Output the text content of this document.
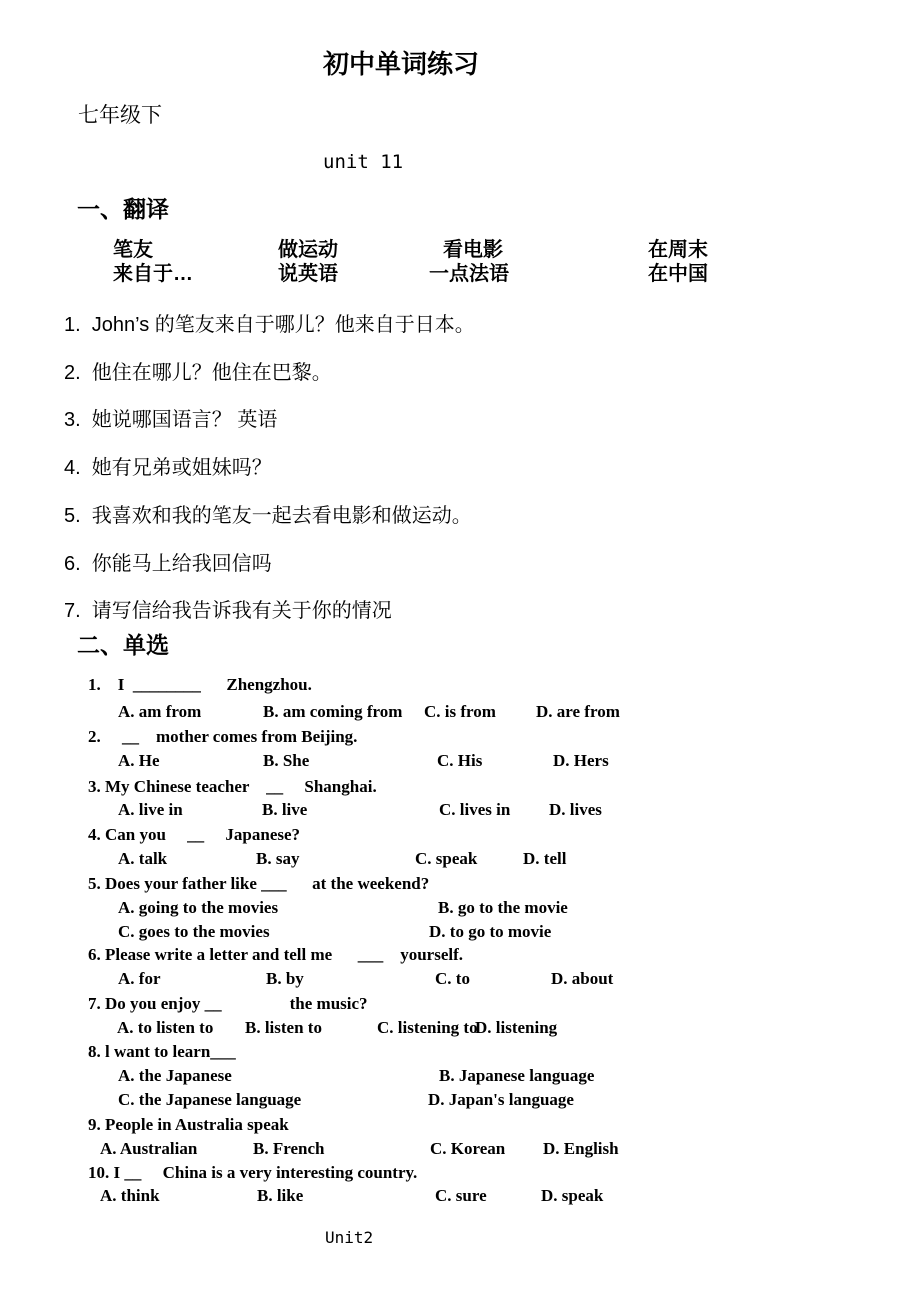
初中单词练习
七年级下
unit 11
一、翻译
笔友	做运动	看电影	在周末
来自于…	说英语	一点法语	在中国
1.  John’s 的笔友来自于哪儿？他来自于日本。
2.  他住在哪儿？他住在巴黎。
3.  她说哪国语言？ 英语
4.  她有兄弟或姐妹吗？
5.  我喜欢和我的笔友一起去看电影和做运动。
6.  你能马上给我回信吗
7.  请写信给我告诉我有关于你的情况
二、单选
1.    I  ________      Zhengzhou.
A. am from	B. am coming from C. is from D. are from
2.     __    mother comes from Beijing.
A. He	B. She	C. His	D. Hers
3. My Chinese teacher    __     Shanghai.
A. live in	B. live	C. lives in D. lives
4. Can you     __     Japanese?
A. talk	B. say	C. speak	D. tell
5. Does your father like ___      at the weekend?
A. going to the movies	B. go to the movie
C. goes to the movies	D. to go to movie
6. Please write a letter and tell me      ___    yourself.
A. for	B. by	C. to	D. about
7. Do you enjoy __                the music?
A. to listen to B. listen to	C. listening to
D. listening
8. l want to learn___
A. the Japanese	B. Japanese language
C. the Japanese language	D. Japan's language
9. People in Australia speak
A. Australian	B. French	C. Korean D. English
10. I __     China is a very interesting country.
A. think	B. like	C. sure	D. speak
Unit2
